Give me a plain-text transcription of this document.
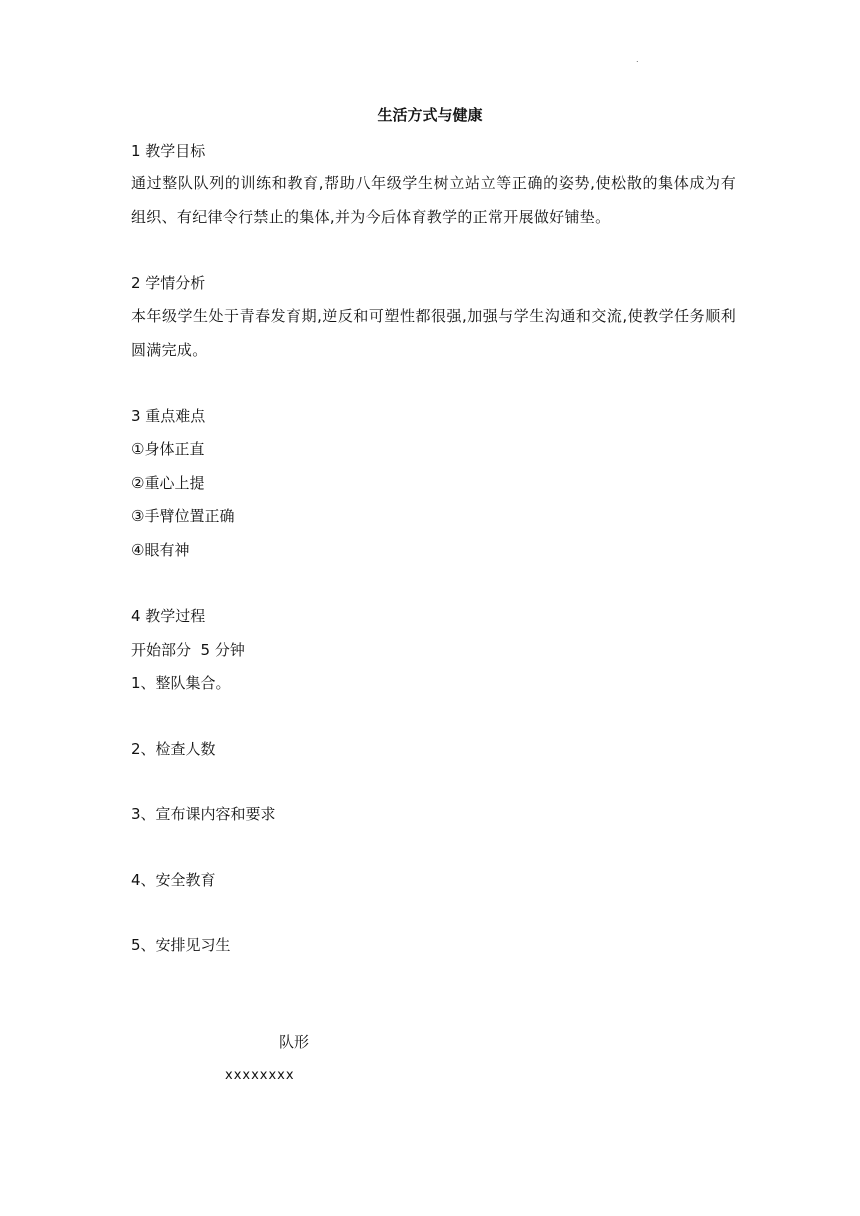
.
生活方式与健康
1 教学目标
通过整队队列的训练和教育,帮助八年级学生树立站立等正确的姿势,使松散的集体成为有组织、有纪律令行禁止的集体,并为今后体育教学的正常开展做好铺垫。
2 学情分析
本年级学生处于青春发育期,逆反和可塑性都很强,加强与学生沟通和交流,使教学任务顺利圆满完成。
3 重点难点
①身体正直
②重心上提
③手臂位置正确
④眼有神
4 教学过程
开始部分  5 分钟
1、整队集合。
2、检查人数
3、宣布课内容和要求
4、安全教育
5、安排见习生
队形
xxxxxxxx
